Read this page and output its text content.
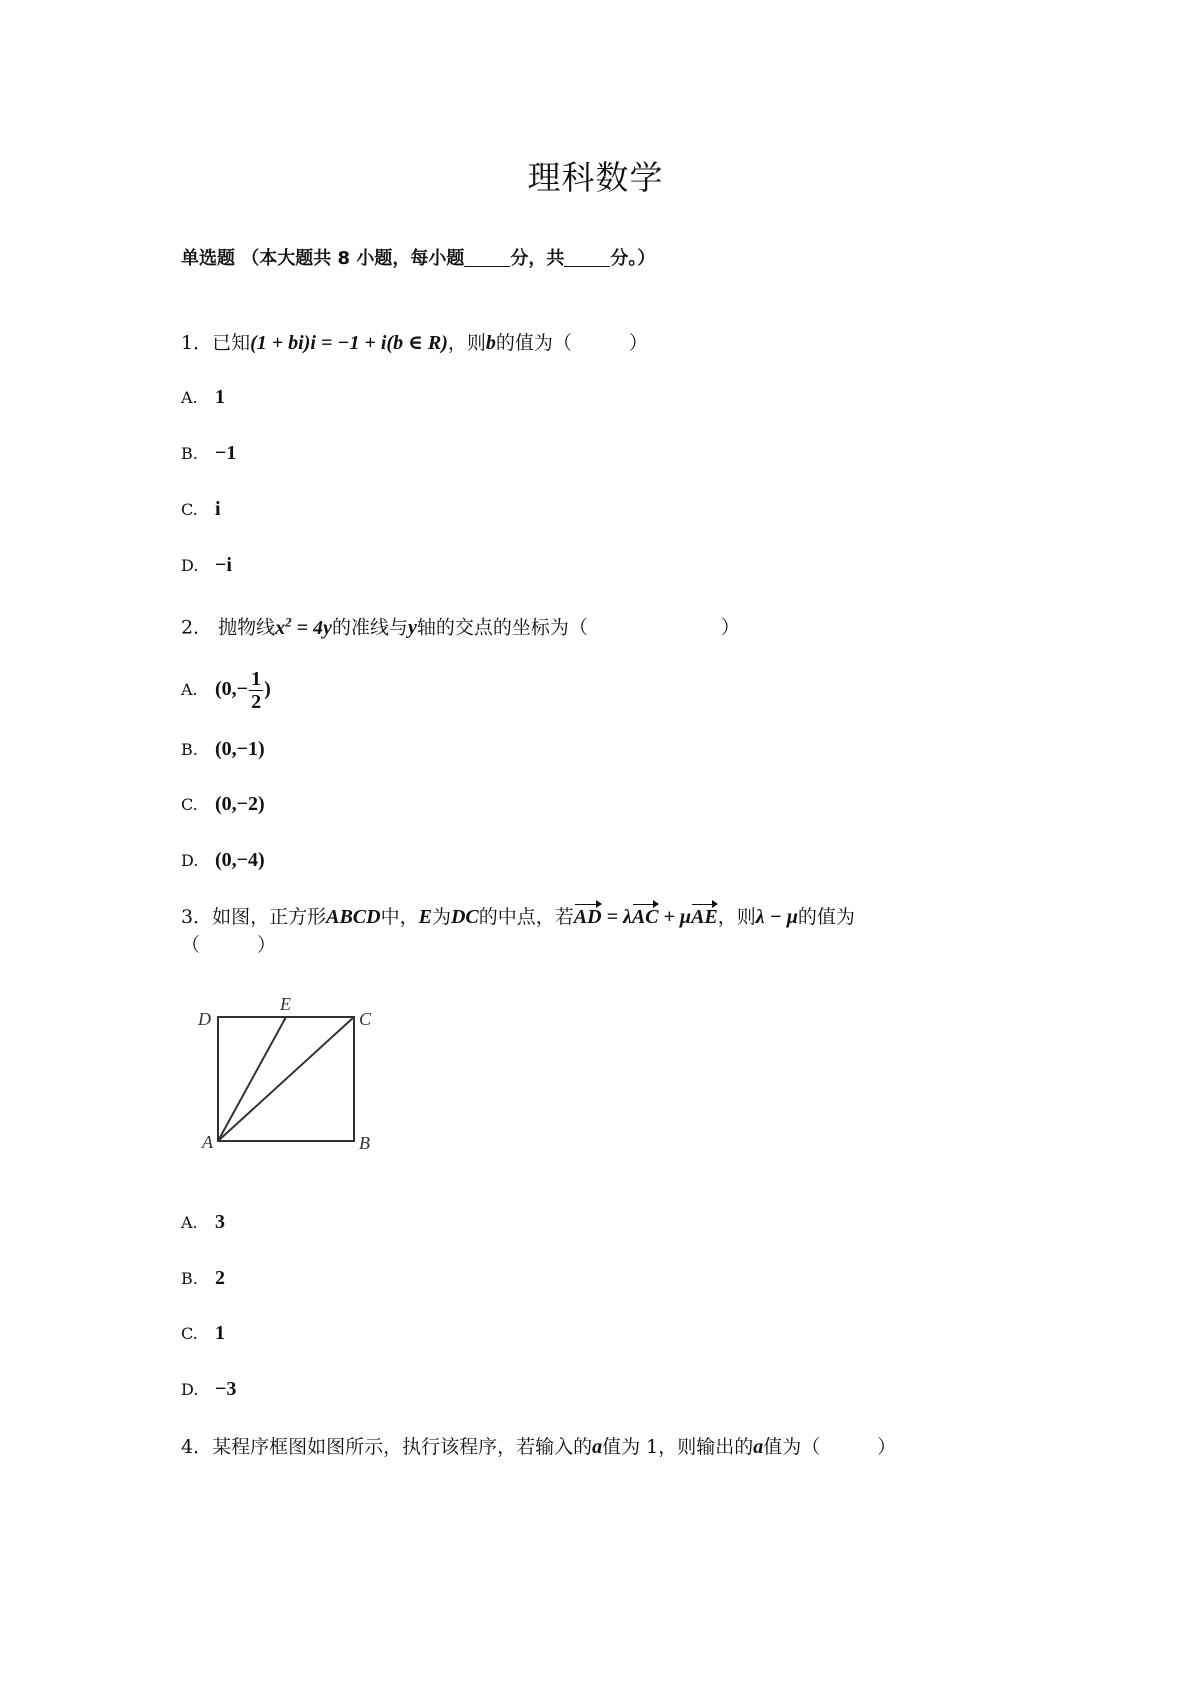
理科数学
单选题 （本大题共 8 小题，每小题	分，共	分。）
1．已知(1 + bi)i = −1 + i(b ∈ R)，则b的值为（　　　）
A. 1
B. −1
C. i
D. −i
2． 抛物线$x^2 = 4y$的准线与y轴的交点的坐标为（　　　　　　　）
A. ($0,- \frac{1}{2}$ )
B. (0,−1)
C. (0,−2)
D. (0,−4)
3．如图，正方形ABCD中，E为DC的中点，若AD = λAC + μAE，则λ − μ的值为
（　　　）
D
E
C
A	B
A. 3
B. 2
C. 1
D. −3
4．某程序框图如图所示，执行该程序，若输入的a值为 1，则输出的a值为（　　　）
